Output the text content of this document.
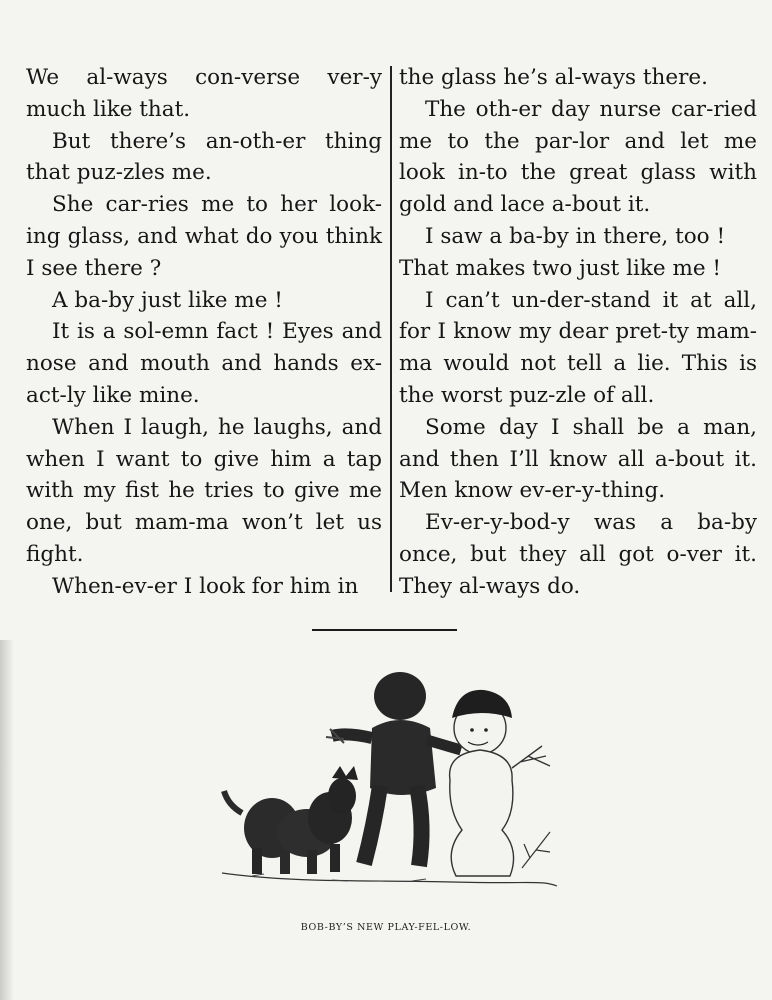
We al-ways con-verse ver-y much like that.

But there’s an-oth-er thing that puz-zles me.

She car-ries me to her look-ing glass, and what do you think I see there ?

A ba-by just like me !

It is a sol-emn fact ! Eyes and nose and mouth and hands ex-act-ly like mine.

When I laugh, he laughs, and when I want to give him a tap with my fist he tries to give me one, but mam-ma won’t let us fight.

When-ev-er I look for him in

the glass he’s al-ways there.

The oth-er day nurse car-ried me to the par-lor and let me look in-to the great glass with gold and lace a-bout it.

I saw a ba-by in there, too !

That makes two just like me !

I can’t un-der-stand it at all, for I know my dear pret-ty mam-ma would not tell a lie. This is the worst puz-zle of all.

Some day I shall be a man, and then I’ll know all a-bout it. Men know ev-er-y-thing.

Ev-er-y-bod-y was a ba-by once, but they all got o-ver it. They al-ways do.

BOB-BY’S NEW PLAY-FEL-LOW.
